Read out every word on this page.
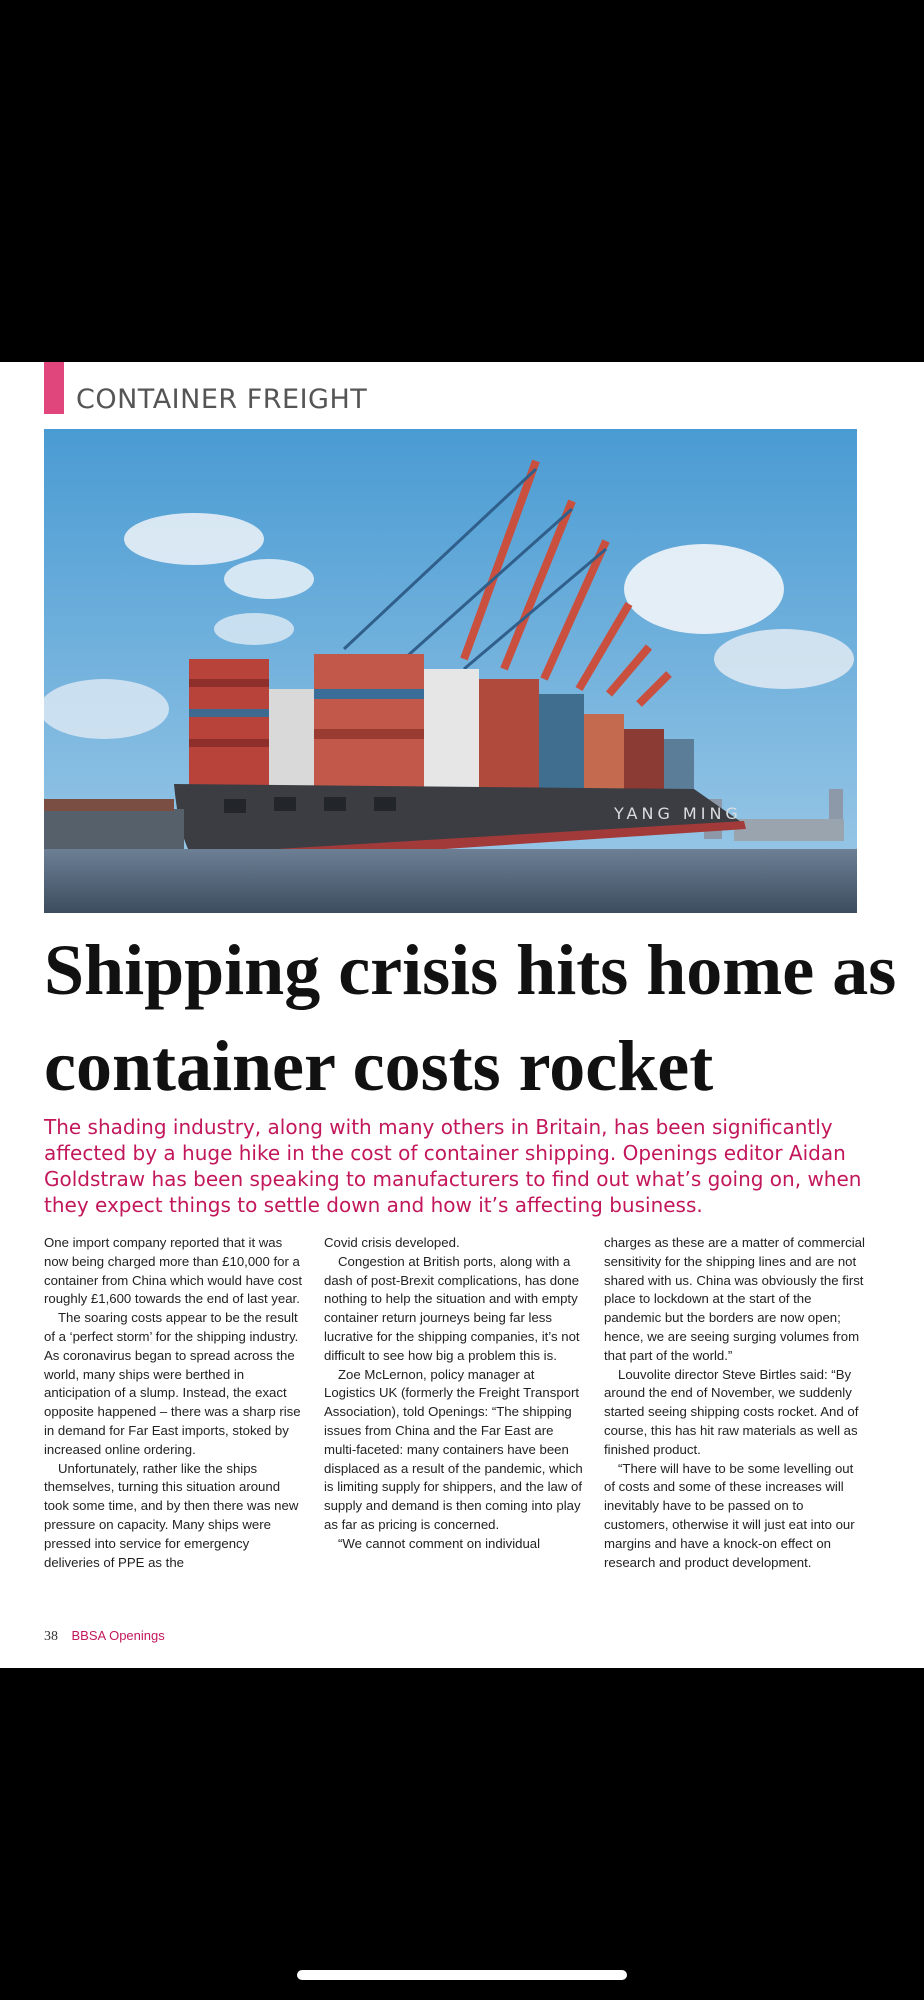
CONTAINER FREIGHT
YANG MING
Shipping crisis hits home as container costs rocket

The shading industry, along with many others in Britain, has been significantly affected by a huge hike in the cost of container shipping. Openings editor Aidan Goldstraw has been speaking to manufacturers to find out what’s going on, when they expect things to settle down and how it’s affecting business.

One import company reported that it was now being charged more than £10,000 for a container from China which would have cost roughly £1,600 towards the end of last year.

The soaring costs appear to be the result of a ‘perfect storm’ for the shipping industry. As coronavirus began to spread across the world, many ships were berthed in anticipation of a slump. Instead, the exact opposite happened – there was a sharp rise in demand for Far East imports, stoked by increased online ordering.

Unfortunately, rather like the ships themselves, turning this situation around took some time, and by then there was new pressure on capacity. Many ships were pressed into service for emergency deliveries of PPE as the

Covid crisis developed.

Congestion at British ports, along with a dash of post-Brexit complications, has done nothing to help the situation and with empty container return journeys being far less lucrative for the shipping companies, it’s not difficult to see how big a problem this is.

Zoe McLernon, policy manager at Logistics UK (formerly the Freight Transport Association), told Openings: “The shipping issues from China and the Far East are multi-faceted: many containers have been displaced as a result of the pandemic, which is limiting supply for shippers, and the law of supply and demand is then coming into play as far as pricing is concerned.

“We cannot comment on individual

charges as these are a matter of commercial sensitivity for the shipping lines and are not shared with us. China was obviously the first place to lockdown at the start of the pandemic but the borders are now open; hence, we are seeing surging volumes from that part of the world.”

Louvolite director Steve Birtles said: “By around the end of November, we suddenly started seeing shipping costs rocket. And of course, this has hit raw materials as well as finished product.

“There will have to be some levelling out of costs and some of these increases will inevitably have to be passed on to customers, otherwise it will just eat into our margins and have a knock-on effect on research and product development.

38 BBSA Openings
